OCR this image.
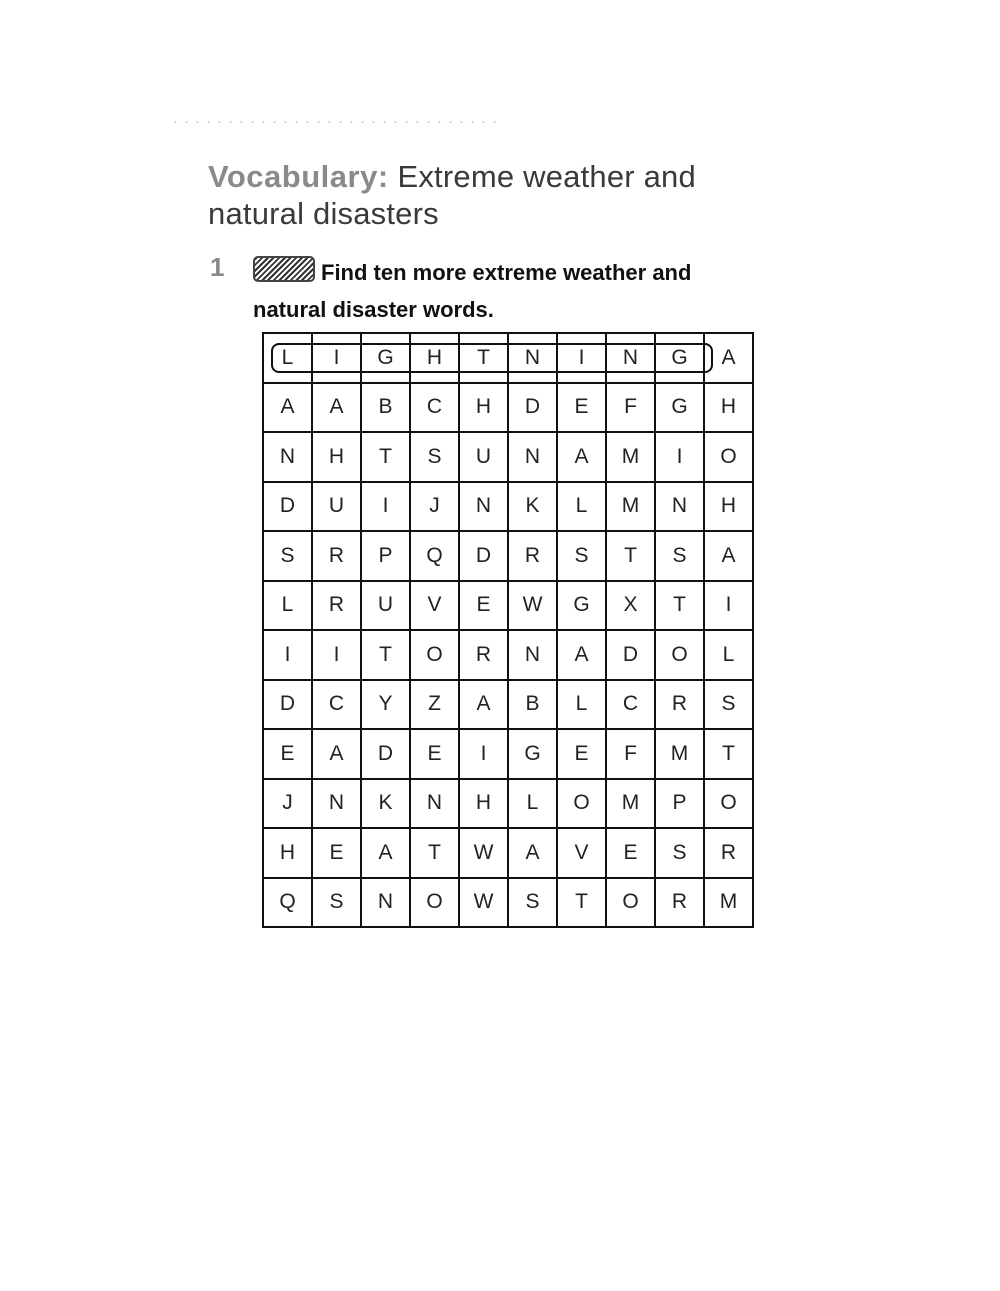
Vocabulary: Extreme weather and
natural disasters
1	Find ten more extreme weather and
natural disaster words.
L	I	G	H	T	N	I	N	G	A
A	A	B	C	H	D	E	F	G	H
N	H	T	S	U	N	A	M	I	O
D	U	I	J	N	K	L	M	N	H
S	R	P	Q	D	R	S	T	S	A
L	R	U	V	E	W	G	X	T	I
I	I	T	O	R	N	A	D	O	L
D	C	Y	Z	A	B	L	C	R	S
E	A	D	E	I	G	E	F	M	T
J	N	K	N	H	L	O	M	P	O
H	E	A	T	W	A	V	E	S	R
Q	S	N	O	W	S	T	O	R	M
